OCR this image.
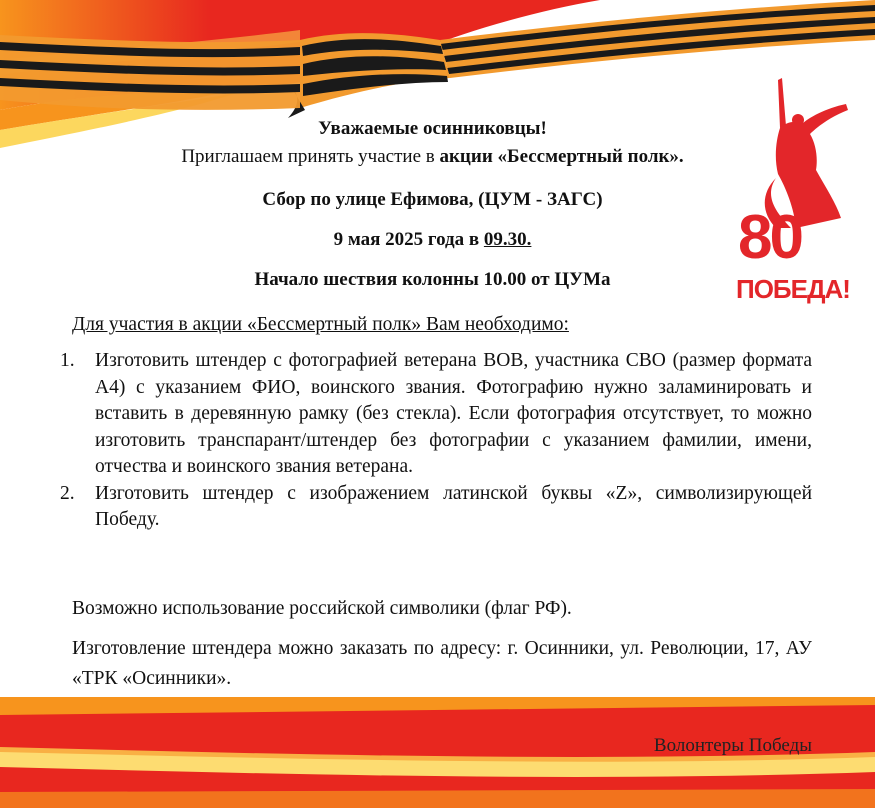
80
ПОБЕДА!
Уважаемые осинниковцы!
Приглашаем принять участие в акции «Бессмертный полк».
Сбор по улице Ефимова, (ЦУМ - ЗАГС)
9 мая 2025 года в 09.30.
Начало шествия колонны 10.00 от ЦУМа
Для участия в акции «Бессмертный полк» Вам необходимо:
1. Изготовить штендер с фотографией ветерана ВОВ, участника СВО (размер формата А4) с указанием ФИО, воинского звания. Фотографию нужно заламинировать и вставить в деревянную рамку (без стекла). Если фотография отсутствует, то можно изготовить транспарант/штендер без фотографии с указанием фамилии, имени, отчества и воинского звания ветерана.
2. Изготовить штендер с изображением латинской буквы «Z», символизирующей Победу.
Возможно использование российской символики (флаг РФ).
Изготовление штендера можно заказать по адресу: г. Осинники, ул. Революции, 17, АУ «ТРК «Осинники».
Волонтеры Победы
